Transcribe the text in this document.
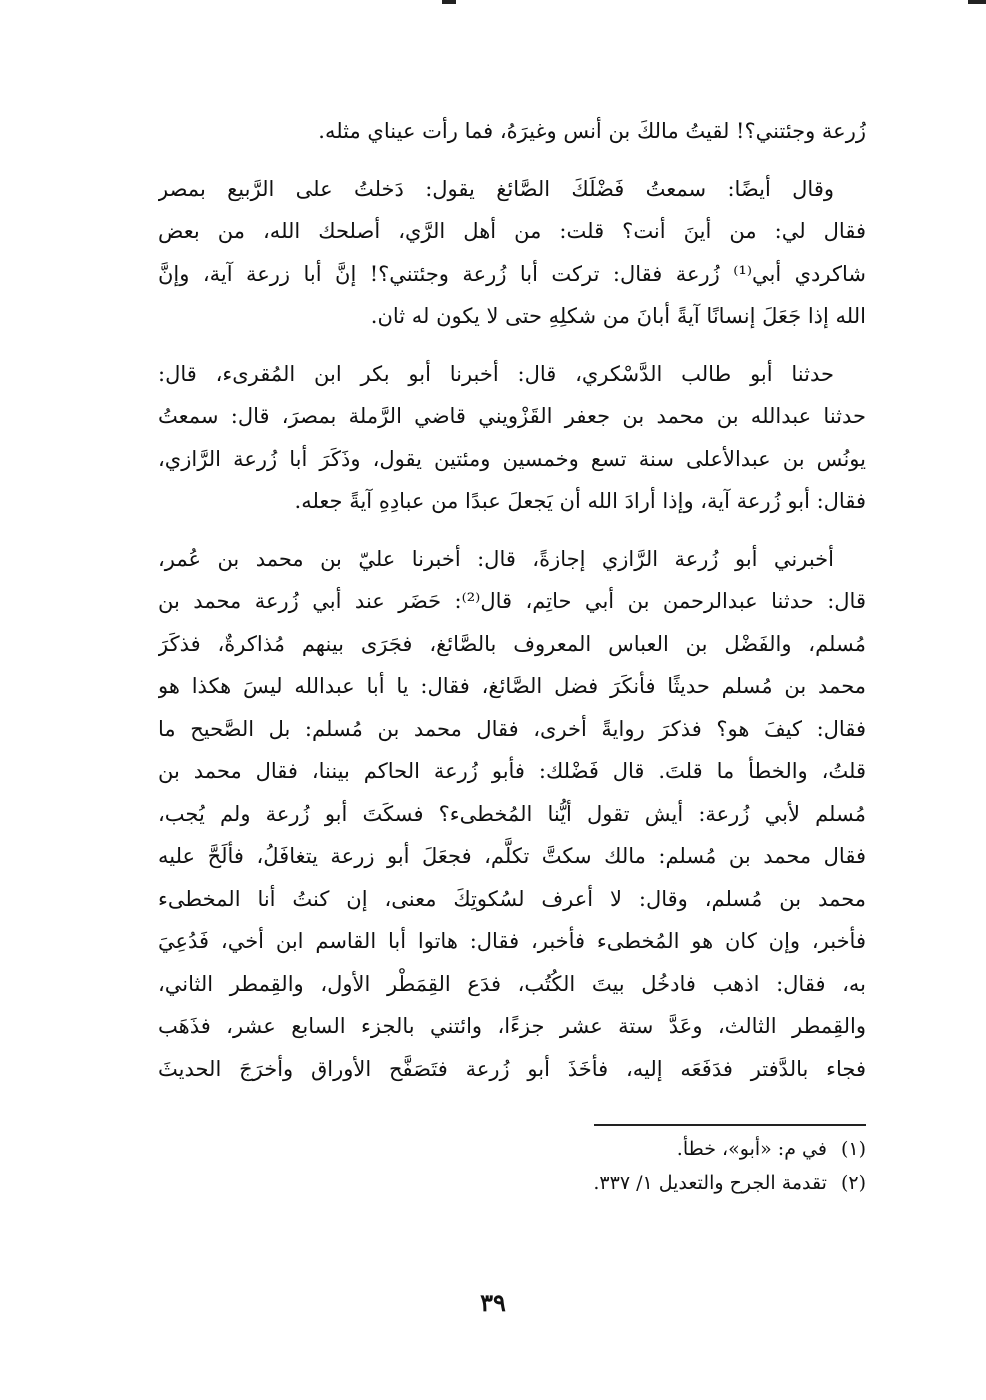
زُرعة وجئتني؟! لقيتُ مالكَ بن أنس وغيرَهُ، فما رأت عيناي مثله.
وقال أيضًا: سمعتُ فَضْلَكَ الصَّائغ يقول: دَخلتُ على الرَّبيع بمصر
فقال لي: من أينَ أنت؟ قلت: من أهل الرَّي، أصلحك الله، من بعض
شاكردي أبي⁽¹⁾ زُرعة فقال: تركت أبا زُرعة وجئتني؟! إنَّ أبا زرعة آية، وإنَّ
الله إذا جَعَلَ إنسانًا آيةً أبانَ من شكلِهِ حتى لا يكون له ثان.
حدثنا أبو طالب الدَّسْكري، قال: أخبرنا أبو بكر ابن المُقرىء، قال:
حدثنا عبدالله بن محمد بن جعفر القَزْويني قاضي الرَّملة بمصرَ، قال: سمعتُ
يونُس بن عبدالأعلى سنة تسع وخمسين ومئتين يقول، وذَكَرَ أبا زُرعة الرَّازي،
فقال: أبو زُرعة آية، وإذا أرادَ الله أن يَجعلَ عبدًا من عبادِهِ آيةً جعله.
أخبرني أبو زُرعة الرَّازي إجازةً، قال: أخبرنا عليّ بن محمد بن عُمر،
قال: حدثنا عبدالرحمن بن أبي حاتِم، قال⁽²⁾: حَضَر عند أبي زُرعة محمد بن
مُسلم، والفَضْل بن العباس المعروف بالصَّائغ، فجَرَى بينهم مُذاكرةٌ، فذكَرَ
محمد بن مُسلم حديثًا فأنكَرَ فضل الصَّائغ، فقال: يا أبا عبدالله ليسَ هكذا هو
فقال: كيفَ هو؟ فذكرَ روايةً أخرى، فقال محمد بن مُسلم: بل الصَّحيح ما
قلتُ، والخطأ ما قلتَ. قال فَضْلك: فأبو زُرعة الحاكم بيننا، فقال محمد بن
مُسلم لأبي زُرعة: أيش تقول أيُّنا المُخطىء؟ فسكَتَ أبو زُرعة ولم يُجب،
فقال محمد بن مُسلم: مالك سكتَّ تكلَّم، فجعَلَ أبو زرعة يتغافَلُ، فألَحَّ عليه
محمد بن مُسلم، وقال: لا أعرف لسُكوتِكَ معنى، إن كنتُ أنا المخطىء
فأخبر، وإن كان هو المُخطىء فأخبر، فقال: هاتوا أبا القاسم ابن أخي، فَدُعِيَ
به، فقال: اذهب فادخُل بيتَ الكُتُب، فدَع القِمَطْر الأول، والقِمطر الثاني،
والقِمطر الثالث، وعَدَّ ستة عشر جزءًا، وائتني بالجزء السابع عشر، فذَهَب
فجاء بالدَّفتر فدَفَعَه إليه، فأخَذَ أبو زُرعة فتَصَفَّح الأوراق وأخرَجَ الحديثَ
(١)في م: «أبو»، خطأ.
(٢)تقدمة الجرح والتعديل ١/ ٣٣٧.
٣٩
